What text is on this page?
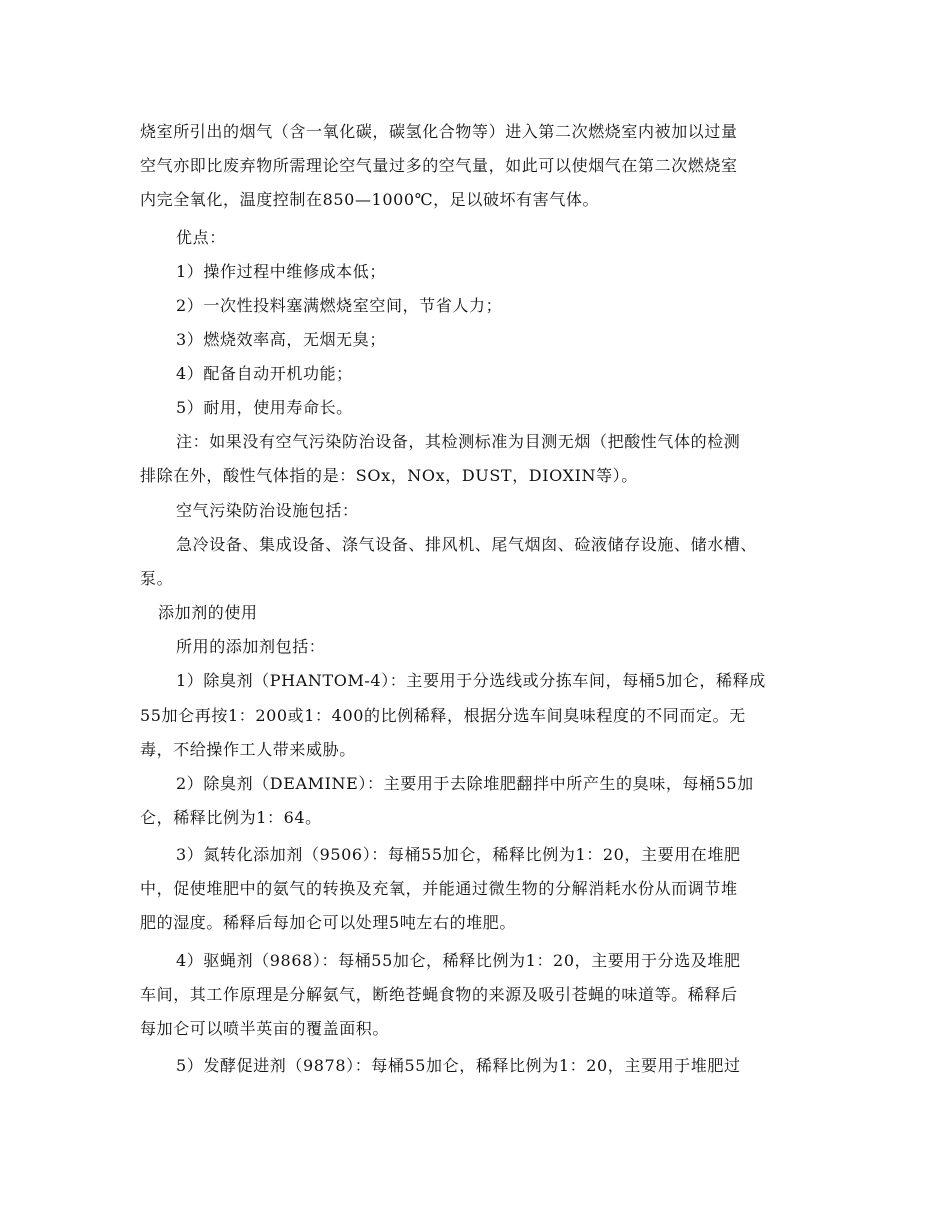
烧室所引出的烟气（含一氧化碳，碳氢化合物等）进入第二次燃烧室内被加以过量
空气亦即比废弃物所需理论空气量过多的空气量，如此可以使烟气在第二次燃烧室
内完全氧化，温度控制在850—1000℃，足以破坏有害气体。
优点：
1）操作过程中维修成本低；
2）一次性投料塞满燃烧室空间，节省人力；
3）燃烧效率高，无烟无臭；
4）配备自动开机功能；
5）耐用，使用寿命长。
注：如果没有空气污染防治设备，其检测标准为目测无烟（把酸性气体的检测
排除在外，酸性气体指的是：SOx，NOx，DUST，DIOXIN等）。
空气污染防治设施包括：
急冷设备、集成设备、涤气设备、排风机、尾气烟囱、硷液储存设施、储水槽、
泵。
添加剂的使用
所用的添加剂包括：
1）除臭剂（PHANTOM-4）：主要用于分选线或分拣车间，每桶5加仑，稀释成
55加仑再按1：200或1：400的比例稀释，根据分选车间臭味程度的不同而定。无
毒，不给操作工人带来威胁。
2）除臭剂（DEAMINE）：主要用于去除堆肥翻拌中所产生的臭味，每桶55加
仑，稀释比例为1：64。
3）氮转化添加剂（9506）：每桶55加仑，稀释比例为1：20，主要用在堆肥
中，促使堆肥中的氨气的转换及充氧，并能通过微生物的分解消耗水份从而调节堆
肥的湿度。稀释后每加仑可以处理5吨左右的堆肥。
4）驱蝇剂（9868）：每桶55加仑，稀释比例为1：20，主要用于分选及堆肥
车间，其工作原理是分解氨气，断绝苍蝇食物的来源及吸引苍蝇的味道等。稀释后
每加仑可以喷半英亩的覆盖面积。
5）发酵促进剂（9878）：每桶55加仑，稀释比例为1：20，主要用于堆肥过
